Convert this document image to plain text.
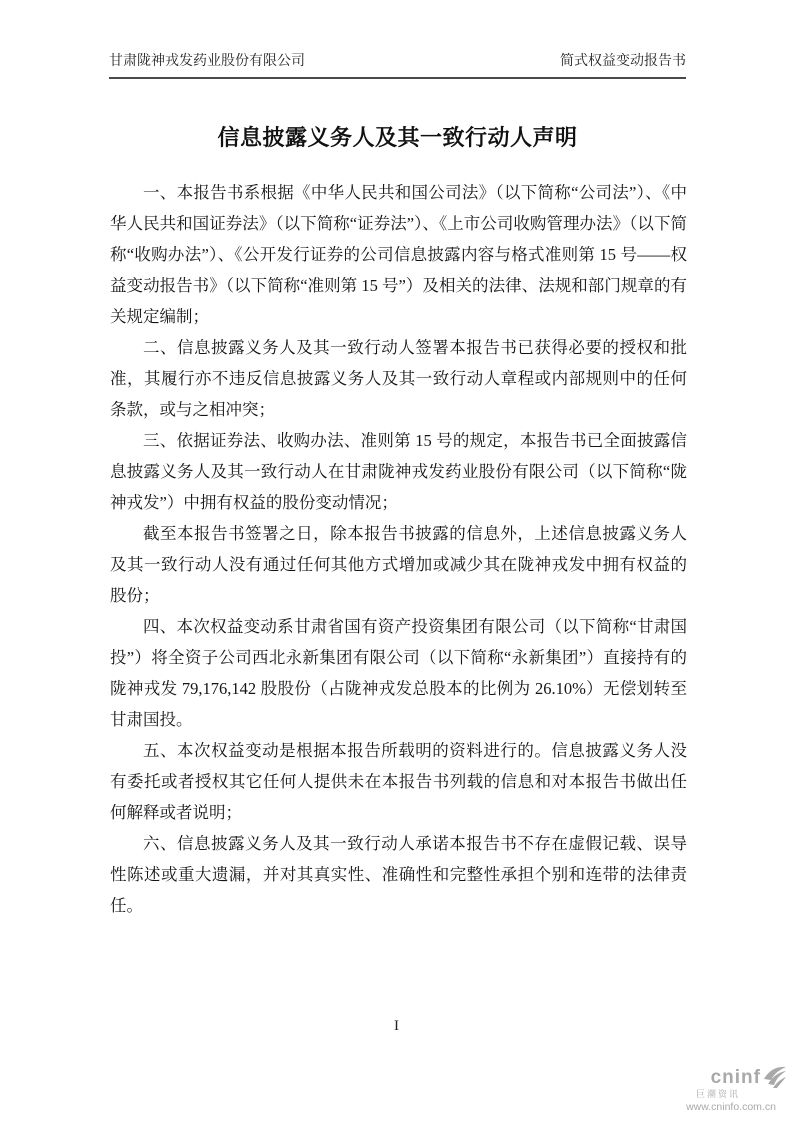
甘肃陇神戎发药业股份有限公司	简式权益变动报告书
信息披露义务人及其一致行动人声明

一、本报告书系根据《中华人民共和国公司法》（以下简称“公司法”）、《中华人民共和国证券法》（以下简称“证券法”）、《上市公司收购管理办法》（以下简称“收购办法”）、《公开发行证券的公司信息披露内容与格式准则第 15 号——权益变动报告书》（以下简称“准则第 15 号”）及相关的法律、法规和部门规章的有关规定编制；

二、信息披露义务人及其一致行动人签署本报告书已获得必要的授权和批准，其履行亦不违反信息披露义务人及其一致行动人章程或内部规则中的任何条款，或与之相冲突；

三、依据证券法、收购办法、准则第 15 号的规定，本报告书已全面披露信息披露义务人及其一致行动人在甘肃陇神戎发药业股份有限公司（以下简称“陇神戎发”）中拥有权益的股份变动情况；

截至本报告书签署之日，除本报告书披露的信息外，上述信息披露义务人及其一致行动人没有通过任何其他方式增加或减少其在陇神戎发中拥有权益的股份；

四、本次权益变动系甘肃省国有资产投资集团有限公司（以下简称“甘肃国投”）将全资子公司西北永新集团有限公司（以下简称“永新集团”）直接持有的陇神戎发 79,176,142 股股份（占陇神戎发总股本的比例为 26.10%）无偿划转至甘肃国投。

五、本次权益变动是根据本报告所载明的资料进行的。信息披露义务人没有委托或者授权其它任何人提供未在本报告书列载的信息和对本报告书做出任何解释或者说明；

六、信息披露义务人及其一致行动人承诺本报告书不存在虚假记载、误导性陈述或重大遗漏，并对其真实性、准确性和完整性承担个别和连带的法律责任。

I
cninf
巨潮资讯
www.cninfo.com.cn
